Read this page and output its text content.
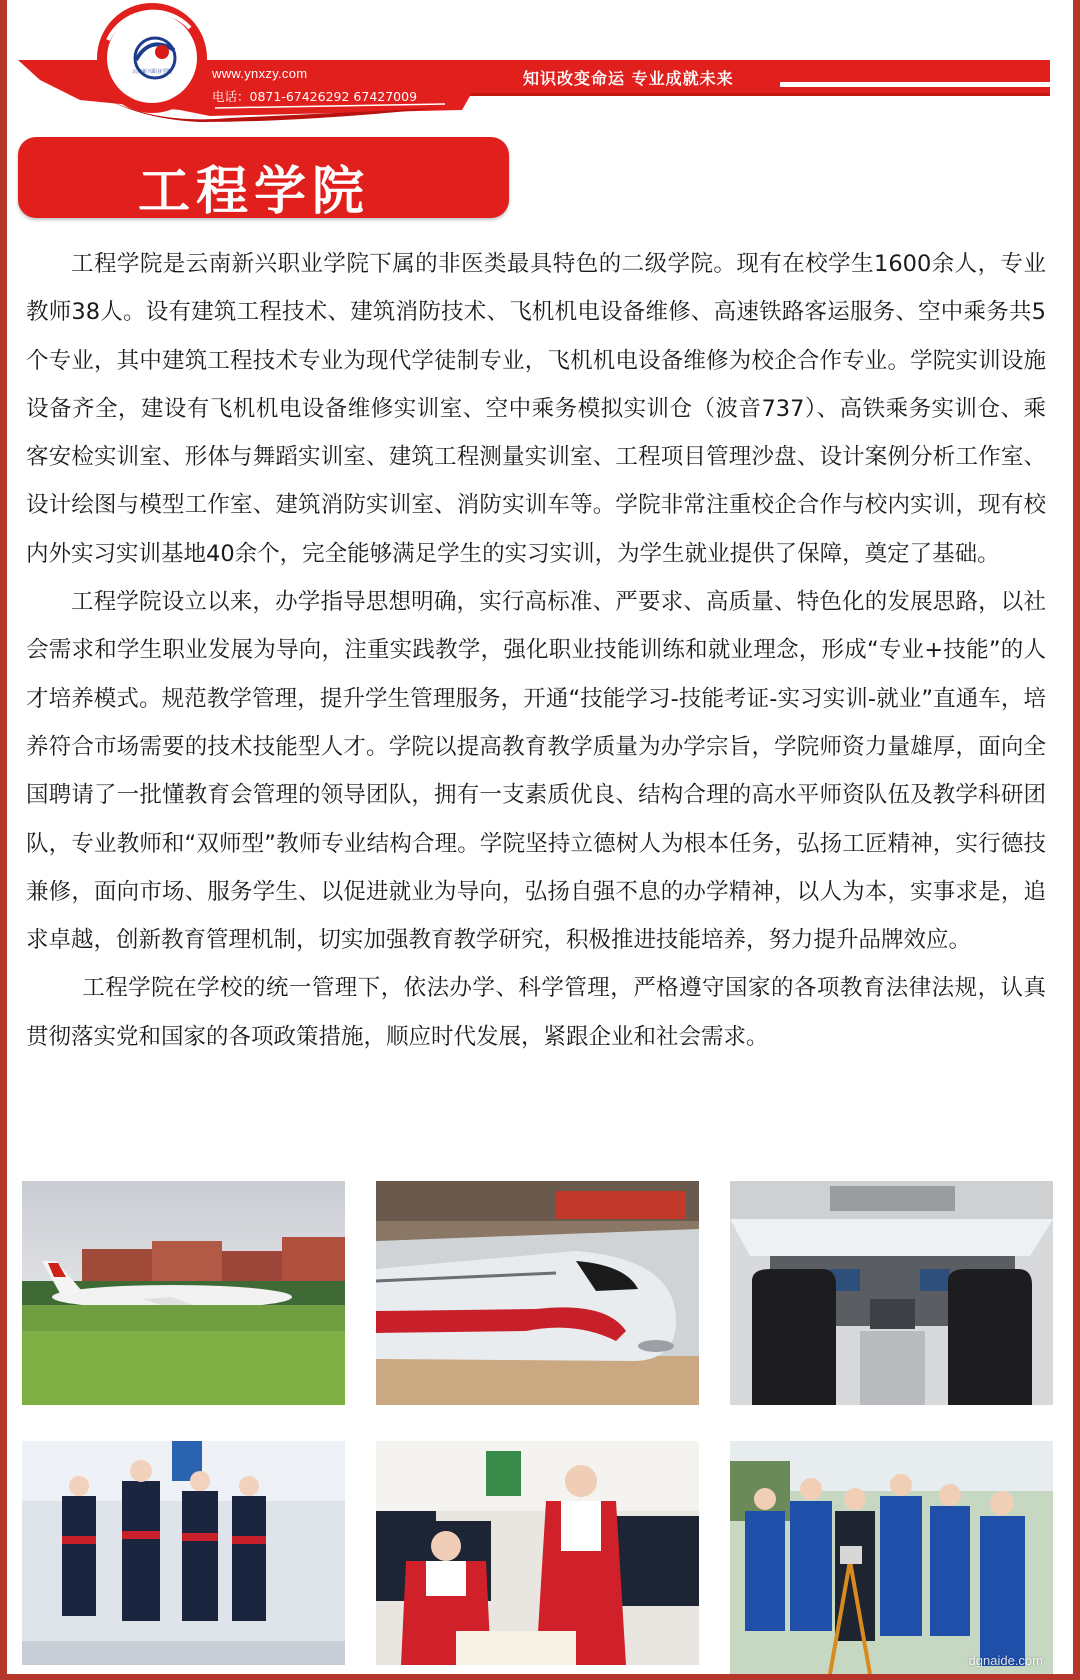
云南新兴职业学院	www.ynxzy.com
电话：0871-67426292 67427009
知识改变命运 专业成就未来
工程学院

工程学院是云南新兴职业学院下属的非医类最具特色的二级学院。现有在校学生1600余人，专业教师38人。设有建筑工程技术、建筑消防技术、飞机机电设备维修、高速铁路客运服务、空中乘务共5个专业，其中建筑工程技术专业为现代学徒制专业，飞机机电设备维修为校企合作专业。学院实训设施设备齐全，建设有飞机机电设备维修实训室、空中乘务模拟实训仓（波音737）、高铁乘务实训仓、乘客安检实训室、形体与舞蹈实训室、建筑工程测量实训室、工程项目管理沙盘、设计案例分析工作室、设计绘图与模型工作室、建筑消防实训室、消防实训车等。学院非常注重校企合作与校内实训，现有校内外实习实训基地40余个，完全能够满足学生的实习实训，为学生就业提供了保障，奠定了基础。

工程学院设立以来，办学指导思想明确，实行高标准、严要求、高质量、特色化的发展思路，以社会需求和学生职业发展为导向，注重实践教学，强化职业技能训练和就业理念，形成“专业+技能”的人才培养模式。规范教学管理，提升学生管理服务，开通“技能学习-技能考证-实习实训-就业”直通车，培养符合市场需要的技术技能型人才。学院以提高教育教学质量为办学宗旨，学院师资力量雄厚，面向全国聘请了一批懂教育会管理的领导团队，拥有一支素质优良、结构合理的高水平师资队伍及教学科研团队，专业教师和“双师型”教师专业结构合理。学院坚持立德树人为根本任务，弘扬工匠精神，实行德技兼修，面向市场、服务学生、以促进就业为导向，弘扬自强不息的办学精神，以人为本，实事求是，追求卓越，创新教育管理机制，切实加强教育教学研究，积极推进技能培养，努力提升品牌效应。

工程学院在学校的统一管理下，依法办学、科学管理，严格遵守国家的各项教育法律法规，认真贯彻落实党和国家的各项政策措施，顺应时代发展，紧跟企业和社会需求。

dgnaide.com
